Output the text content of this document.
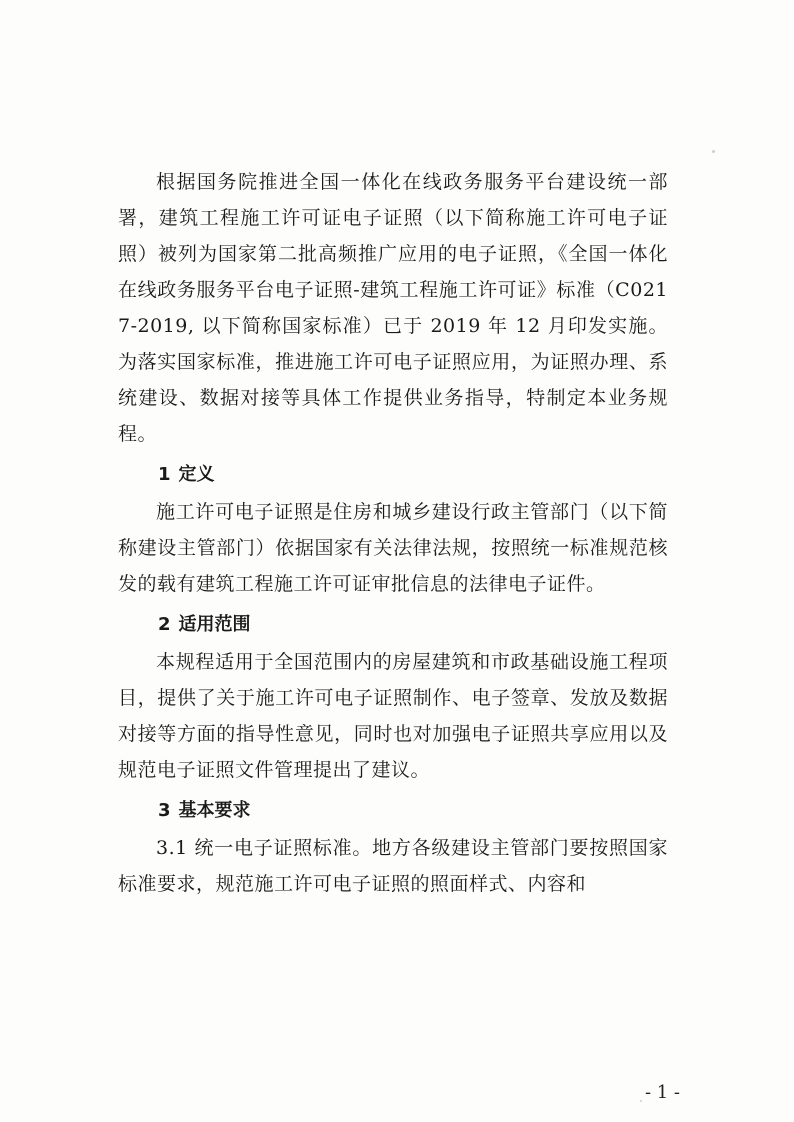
根据国务院推进全国一体化在线政务服务平台建设统一部署，建筑工程施工许可证电子证照（以下简称施工许可电子证照）被列为国家第二批高频推广应用的电子证照，《全国一体化在线政务服务平台电子证照-建筑工程施工许可证》标准（C0217-2019, 以下简称国家标准）已于 2019 年 12 月印发实施。为落实国家标准，推进施工许可电子证照应用，为证照办理、系统建设、数据对接等具体工作提供业务指导，特制定本业务规程。

1 定义

施工许可电子证照是住房和城乡建设行政主管部门（以下简称建设主管部门）依据国家有关法律法规，按照统一标准规范核发的载有建筑工程施工许可证审批信息的法律电子证件。

2 适用范围

本规程适用于全国范围内的房屋建筑和市政基础设施工程项目，提供了关于施工许可电子证照制作、电子签章、发放及数据对接等方面的指导性意见，同时也对加强电子证照共享应用以及规范电子证照文件管理提出了建议。

3 基本要求

3.1 统一电子证照标准。地方各级建设主管部门要按照国家标准要求，规范施工许可电子证照的照面样式、内容和

- 1 -
